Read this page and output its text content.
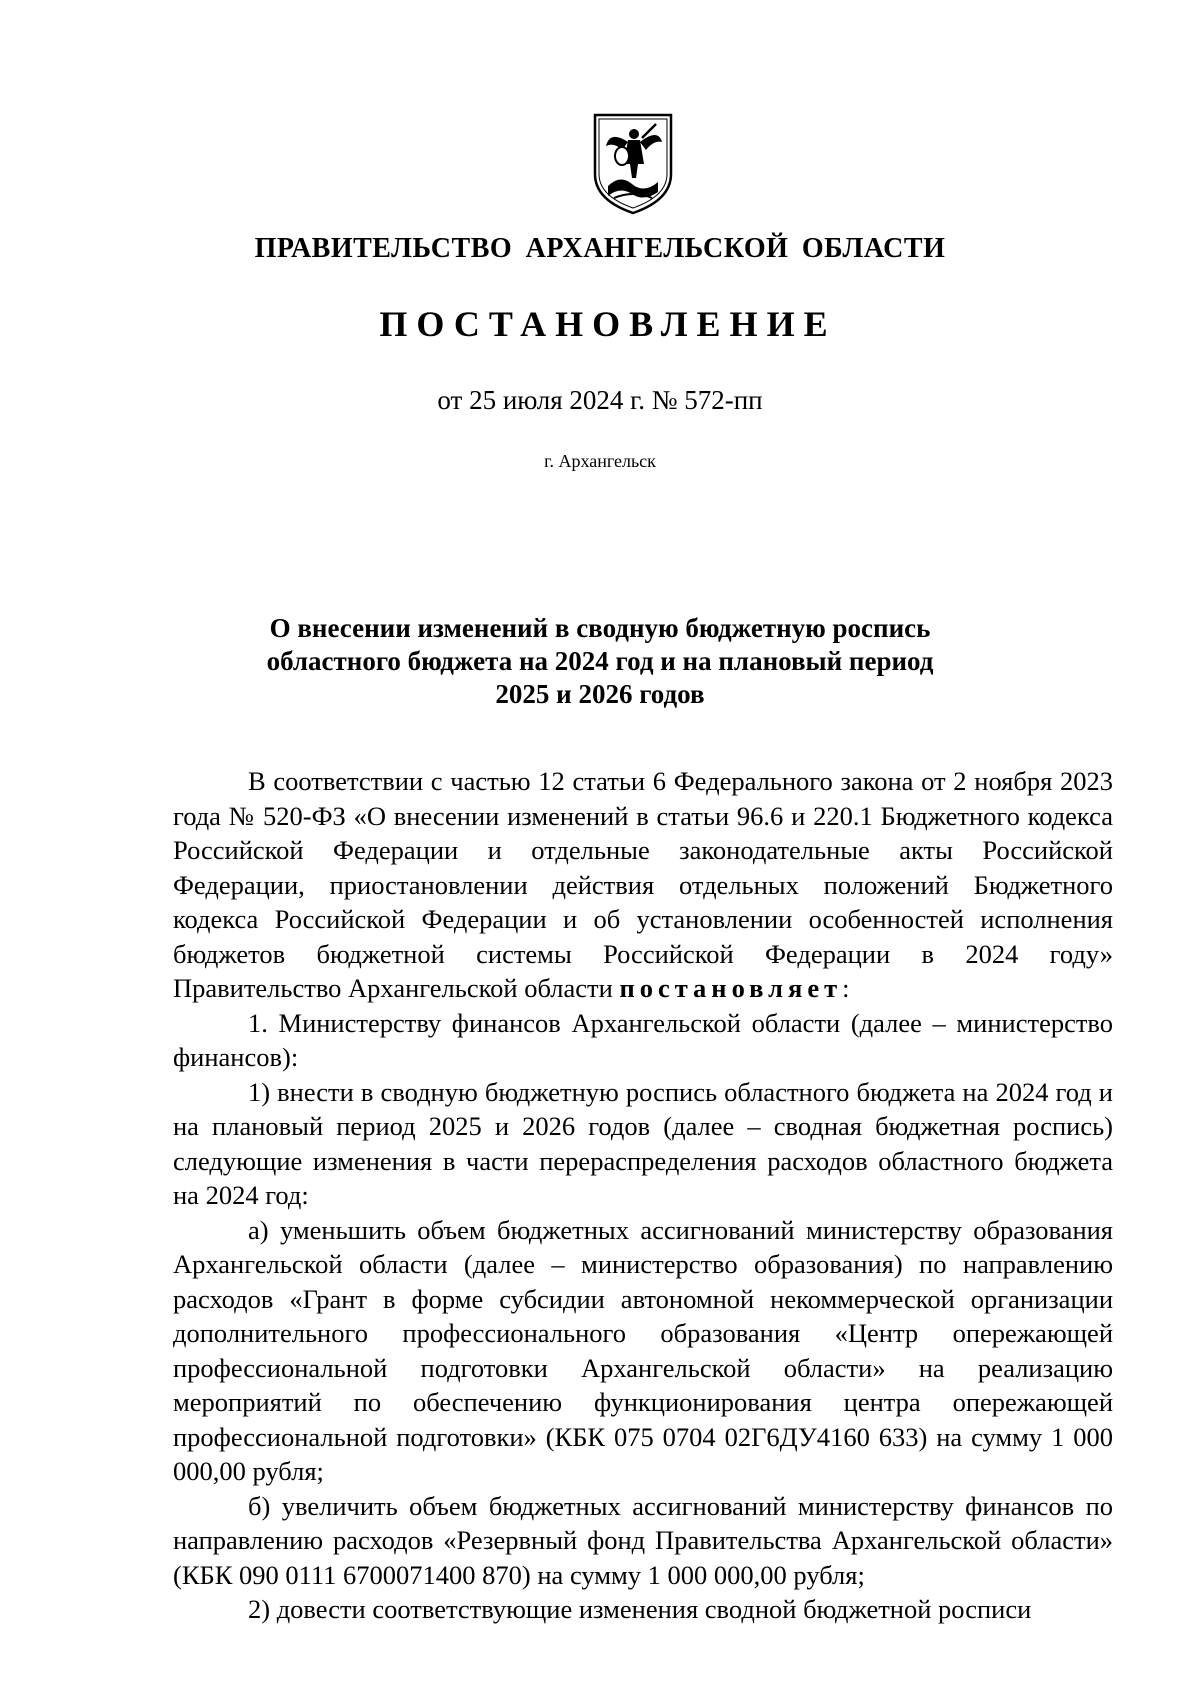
ПРАВИТЕЛЬСТВО АРХАНГЕЛЬСКОЙ ОБЛАСТИ
ПОСТАНОВЛЕНИЕ
от 25 июля 2024 г. № 572-пп
г. Архангельск
О внесении изменений в сводную бюджетную роспись
областного бюджета на 2024 год и на плановый период
2025 и 2026 годов

В соответствии с частью 12 статьи 6 Федерального закона от 2 ноября 2023 года № 520-ФЗ «О внесении изменений в статьи 96.6 и 220.1 Бюджетного кодекса Российской Федерации и отдельные законодательные акты Российской Федерации, приостановлении действия отдельных положений Бюджетного кодекса Российской Федерации и об установлении особенностей исполнения бюджетов бюджетной системы Российской Федерации в 2024 году» Правительство Архангельской области постановляет:

1. Министерству финансов Архангельской области (далее – министерство финансов):

1) внести в сводную бюджетную роспись областного бюджета на 2024 год и на плановый период 2025 и 2026 годов (далее – сводная бюджетная роспись) следующие изменения в части перераспределения расходов областного бюджета на 2024 год:

а) уменьшить объем бюджетных ассигнований министерству образования Архангельской области (далее – министерство образования) по направлению расходов «Грант в форме субсидии автономной некоммерческой организации дополнительного профессионального образования «Центр опережающей профессиональной подготовки Архангельской области» на реализацию мероприятий по обеспечению функционирования центра опережающей профессиональной подготовки» (КБК 075 0704 02Г6ДУ4160 633) на сумму 1 000 000,00 рубля;

б) увеличить объем бюджетных ассигнований министерству финансов по направлению расходов «Резервный фонд Правительства Архангельской области» (КБК 090 0111 6700071400 870) на сумму 1 000 000,00 рубля;

2) довести соответствующие изменения сводной бюджетной росписи
